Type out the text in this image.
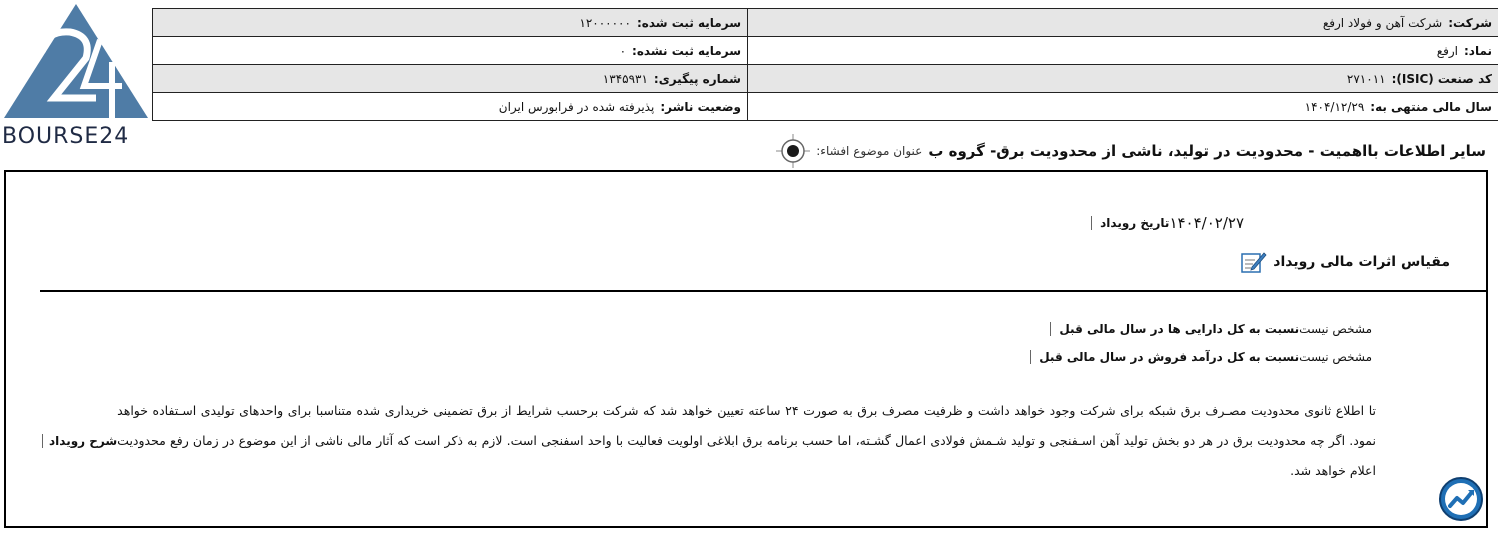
BOURSE24
شرکت:شرکت آهن و فولاد ارفع	سرمایه ثبت شده:۱۲۰۰۰۰۰۰
نماد:ارفع	سرمایه ثبت نشده:۰
کد صنعت (ISIC):۲۷۱۰۱۱	شماره پیگیری:۱۳۴۵۹۳۱
سال مالی منتهی به:۱۴۰۴/۱۲/۲۹	وضعیت ناشر:پذیرفته شده در فرابورس ایران
عنوان موضوع افشاء: سایر اطلاعات بااهمیت - محدودیت در تولید، ناشی از محدودیت برق- گروه ب
تاریخ رویداد ۱۴۰۴/۰۲/۲۷
مقیاس اثرات مالی رویداد
نسبت به کل دارایی ها در سال مالی قبل مشخص نیست
نسبت به کل درآمد فروش در سال مالی قبل مشخص نیست
شرح رویداد
تا اطلاع ثانوی محدودیت مصـرف برق شبکه برای شرکت وجود خواهد داشت و ظرفیت مصرف برق به صورت ۲۴ ساعته تعیین خواهد شد که شرکت برحسب شرایط از برق تضمینی خریداری شده متناسبا برای واحدهای تولیدی اسـتفاده خواهد نمود. اگر چه محدودیت برق در هر دو بخش تولید آهن اسـفنجی و تولید شـمش فولادی اعمال گشـته، اما حسب برنامه برق ابلاغی اولویت فعالیت با واحد اسفنجی است. لازم به ذکر است که آثار مالی ناشی از این موضوع در زمان رفع محدودیت اعلام خواهد شد.
